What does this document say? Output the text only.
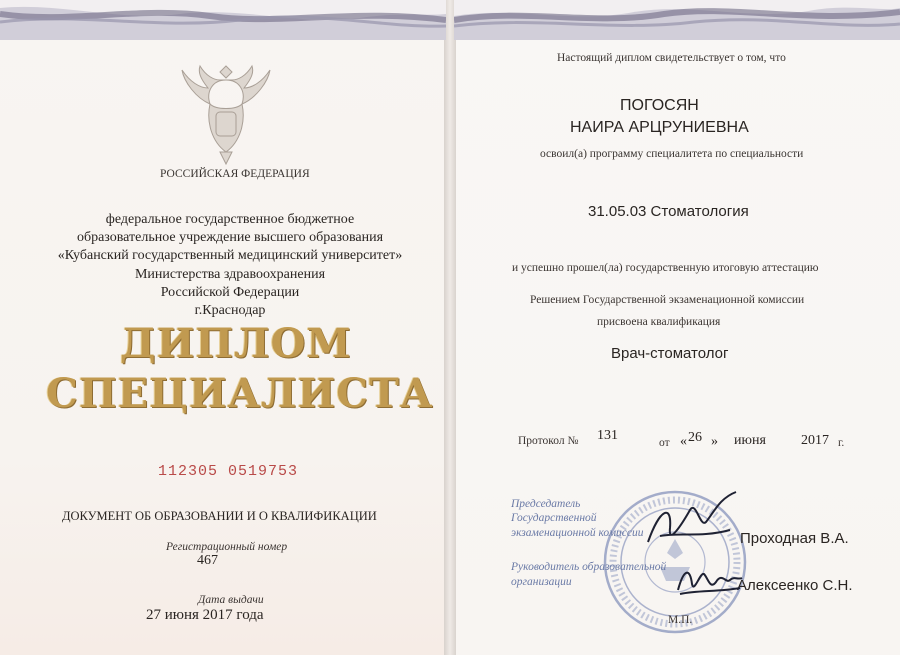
РОССИЙСКАЯ ФЕДЕРАЦИЯ
федеральное государственное бюджетное
образовательное учреждение высшего образования
«Кубанский государственный медицинский университет»
Министерства здравоохранения
Российской Федерации
г.Краснодар
ДИПЛОМ
СПЕЦИАЛИСТА
112305 0519753
ДОКУМЕНТ ОБ ОБРАЗОВАНИИ И О КВАЛИФИКАЦИИ
Регистрационный номер
467
Дата выдачи
27 июня 2017 года
Настоящий диплом свидетельствует о том, что
ПОГОСЯН
НАИРА АРЦРУНИЕВНА
освоил(а) программу специалитета по специальности
31.05.03 Стоматология
и успешно прошел(ла) государственную итоговую аттестацию
Решением Государственной экзаменационной комиссии
присвоена квалификация
Врач-стоматолог
Протокол № 131	от « 26 » июня	2017 г.
Председатель
Государственной
экзаменационной комиссии	Проходная В.А.
Руководитель образовательной
организации	Алексеенко С.Н.
М.П.
